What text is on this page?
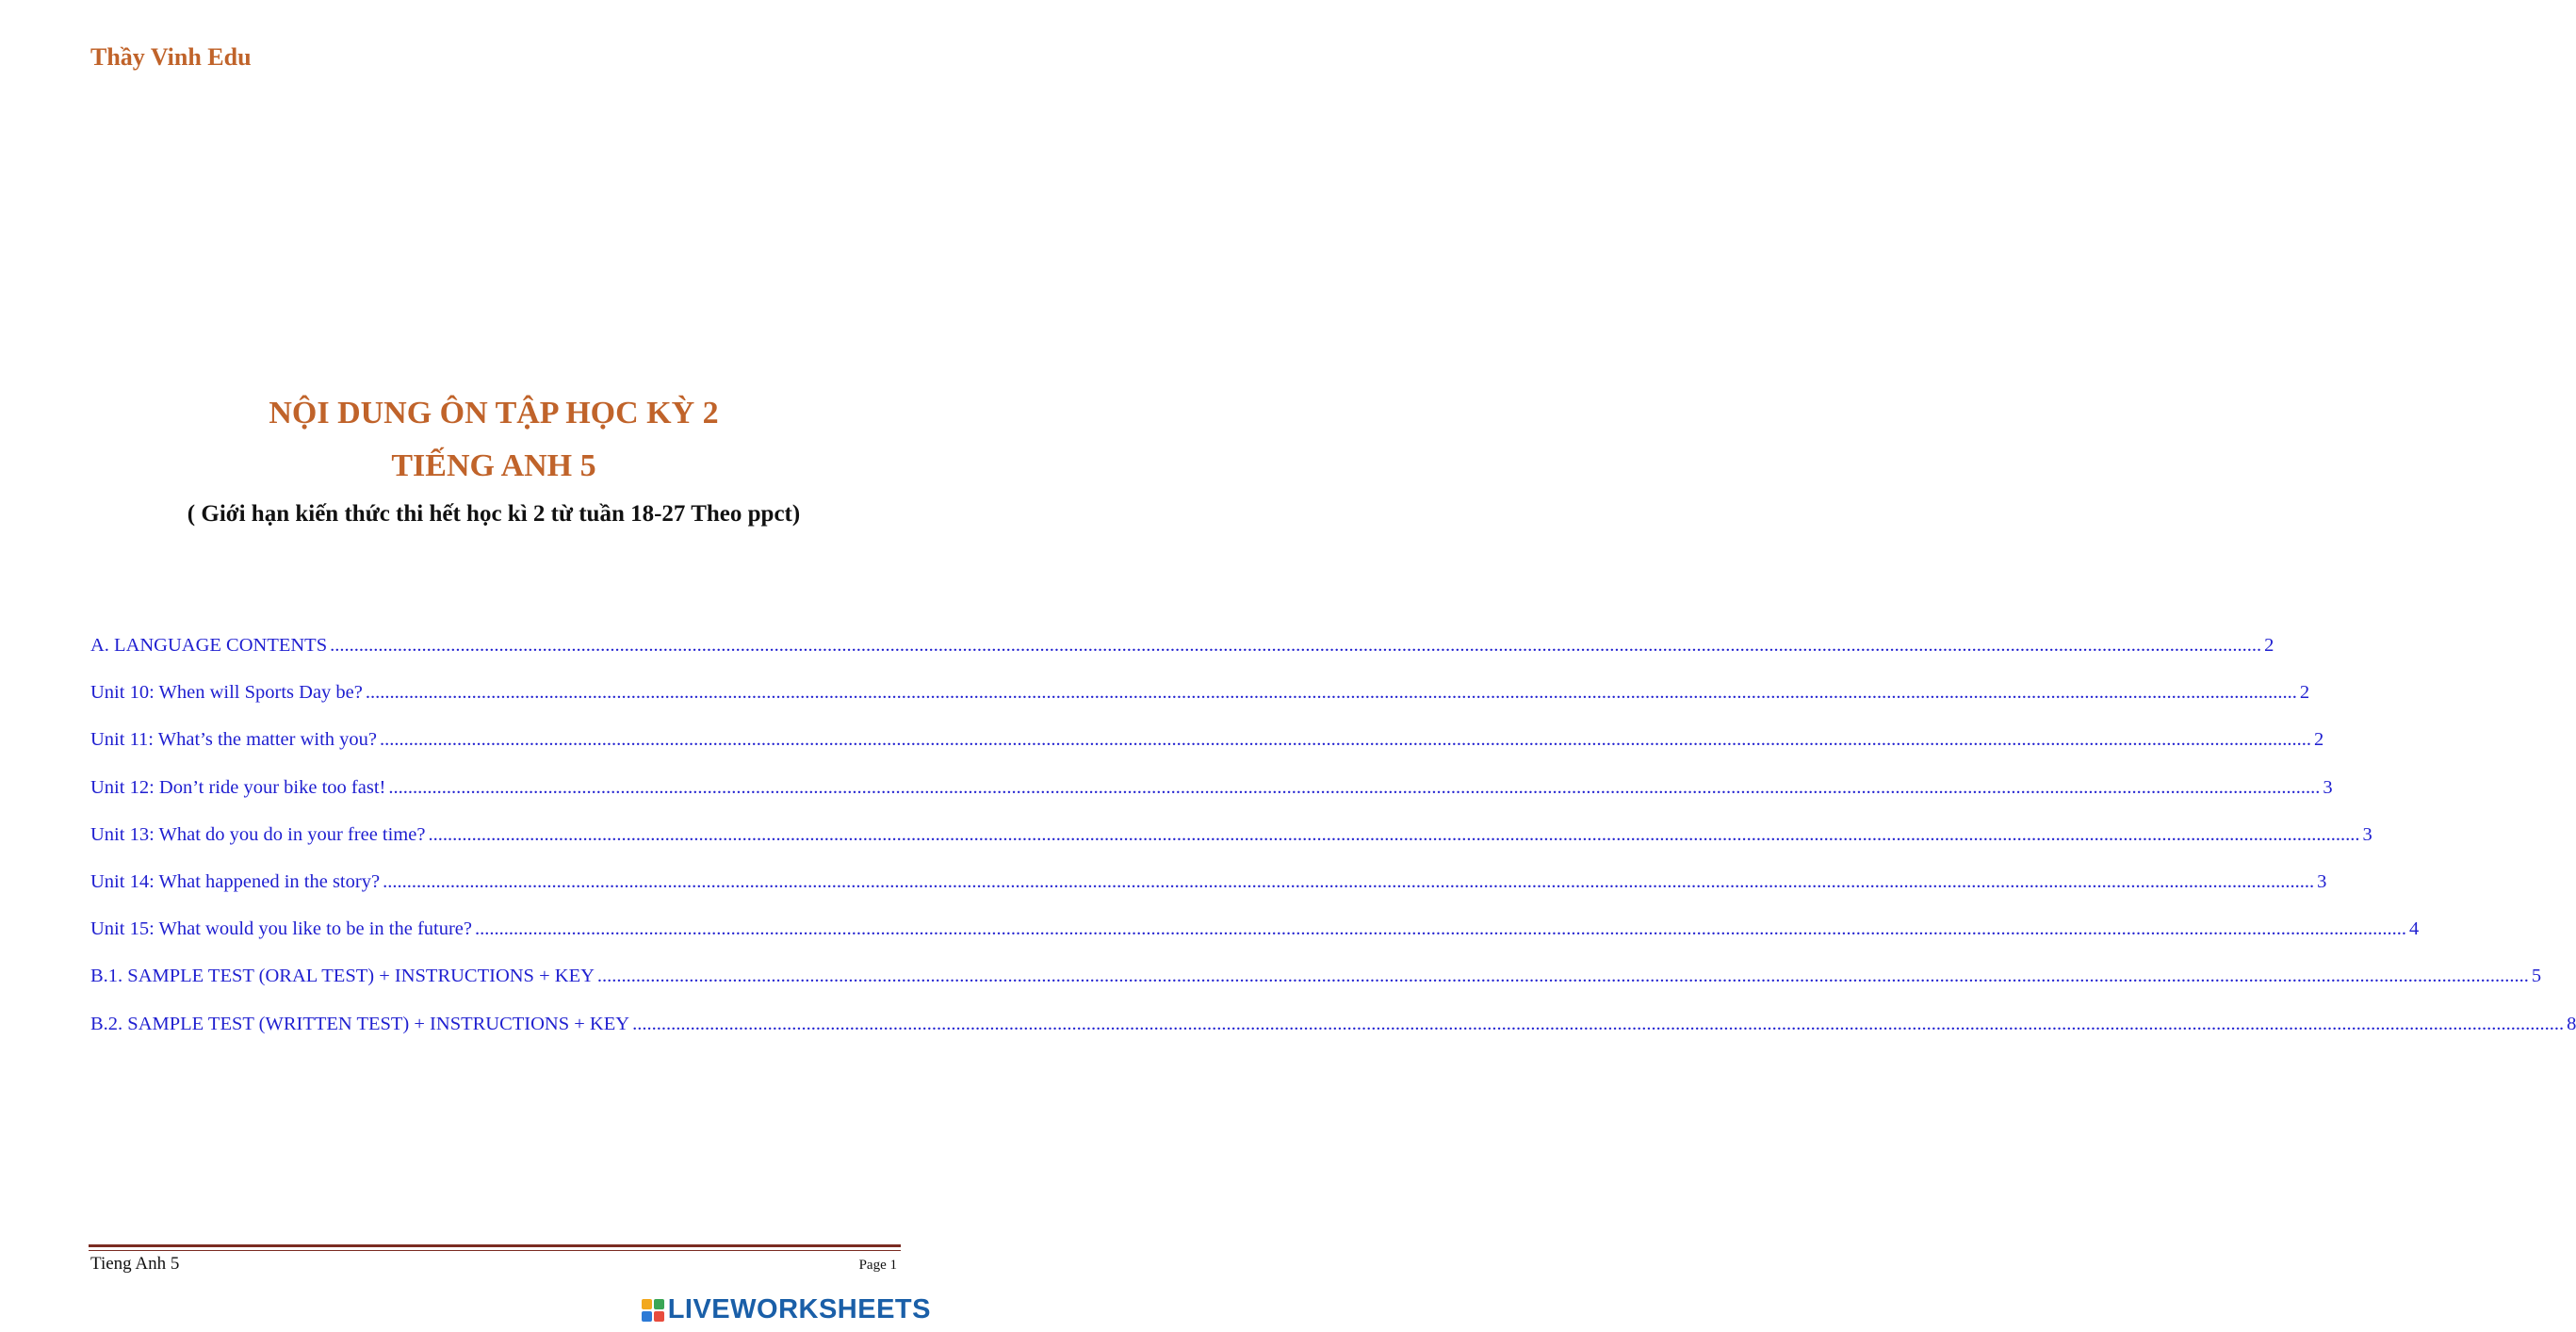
Thầy Vinh Edu
NỘI DUNG ÔN TẬP HỌC KỲ 2
TIẾNG ANH 5
( Giới hạn kiến thức thi hết học kì 2 từ tuần 18-27 Theo ppct)
A. LANGUAGE CONTENTS ................................................................................................................................................................................................................................................................................................................................................................................................................ 2
Unit 10: When will Sports Day be? ................................................................................................................................................................................................................................................................................................................................................................................................................ 2
Unit 11: What’s the matter with you? ................................................................................................................................................................................................................................................................................................................................................................................................................ 2
Unit 12: Don’t ride your bike too fast! ................................................................................................................................................................................................................................................................................................................................................................................................................ 3
Unit 13: What do you do in your free time? ................................................................................................................................................................................................................................................................................................................................................................................................................ 3
Unit 14: What happened in the story? ................................................................................................................................................................................................................................................................................................................................................................................................................ 3
Unit 15: What would you like to be in the future? ................................................................................................................................................................................................................................................................................................................................................................................................................ 4
B.1. SAMPLE TEST (ORAL TEST) + INSTRUCTIONS + KEY ................................................................................................................................................................................................................................................................................................................................................................................................................ 5
B.2. SAMPLE TEST (WRITTEN TEST) + INSTRUCTIONS + KEY ................................................................................................................................................................................................................................................................................................................................................................................................................ 8
Tieng Anh 5	Page 1
LIVEWORKSHEETS
